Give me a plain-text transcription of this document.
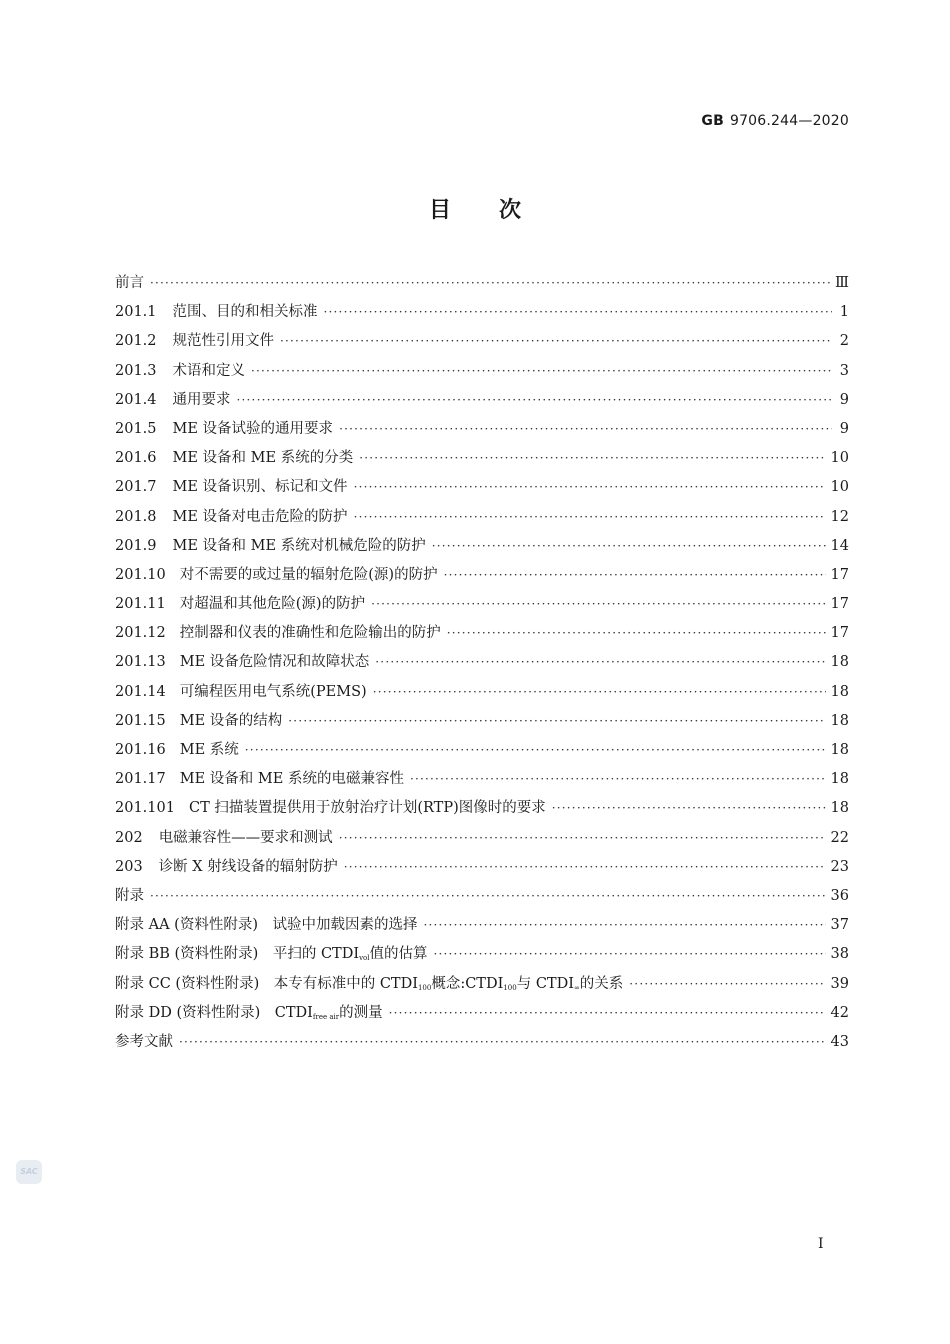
GB 9706.244—2020
目 次
前言 ·····	Ⅲ
201.1 范围、目的和相关标准 ·····	1
201.2 规范性引用文件 ·····	2
201.3 术语和定义 ·····	3
201.4 通用要求 ·····	9
201.5 ME 设备试验的通用要求 ·····	9
201.6 ME 设备和 ME 系统的分类 ·····	10
201.7 ME 设备识别、标记和文件 ·····	10
201.8 ME 设备对电击危险的防护 ·····	12
201.9 ME 设备和 ME 系统对机械危险的防护 ·····	14
201.10 对不需要的或过量的辐射危险(源)的防护 ·····	17
201.11 对超温和其他危险(源)的防护 ·····	17
201.12 控制器和仪表的准确性和危险输出的防护 ·····	17
201.13 ME 设备危险情况和故障状态 ·····	18
201.14 可编程医用电气系统(PEMS) ·····	18
201.15 ME 设备的结构 ·····	18
201.16 ME 系统 ·····	18
201.17 ME 设备和 ME 系统的电磁兼容性 ·····	18
201.101 CT 扫描装置提供用于放射治疗计划(RTP)图像时的要求 ·····	18
202 电磁兼容性——要求和测试 ·····	22
203 诊断 X 射线设备的辐射防护 ·····	23
附录 ·····	36
附录 AA (资料性附录)　试验中加载因素的选择 ·····	37
附录 BB (资料性附录)　平扫的 $CTDI_{vol}$值的估算 ·····	38
附录 CC (资料性附录)　本专有标准中的 $CTDI_{100}$概念$:CTDI_{100}$与 $CTDI_\infty$的关系 ·····	39
附录 DD (资料性附录)　$CTDI_{free air}$的测量 ·····	42
参考文献 ·····	43
SAC
I
